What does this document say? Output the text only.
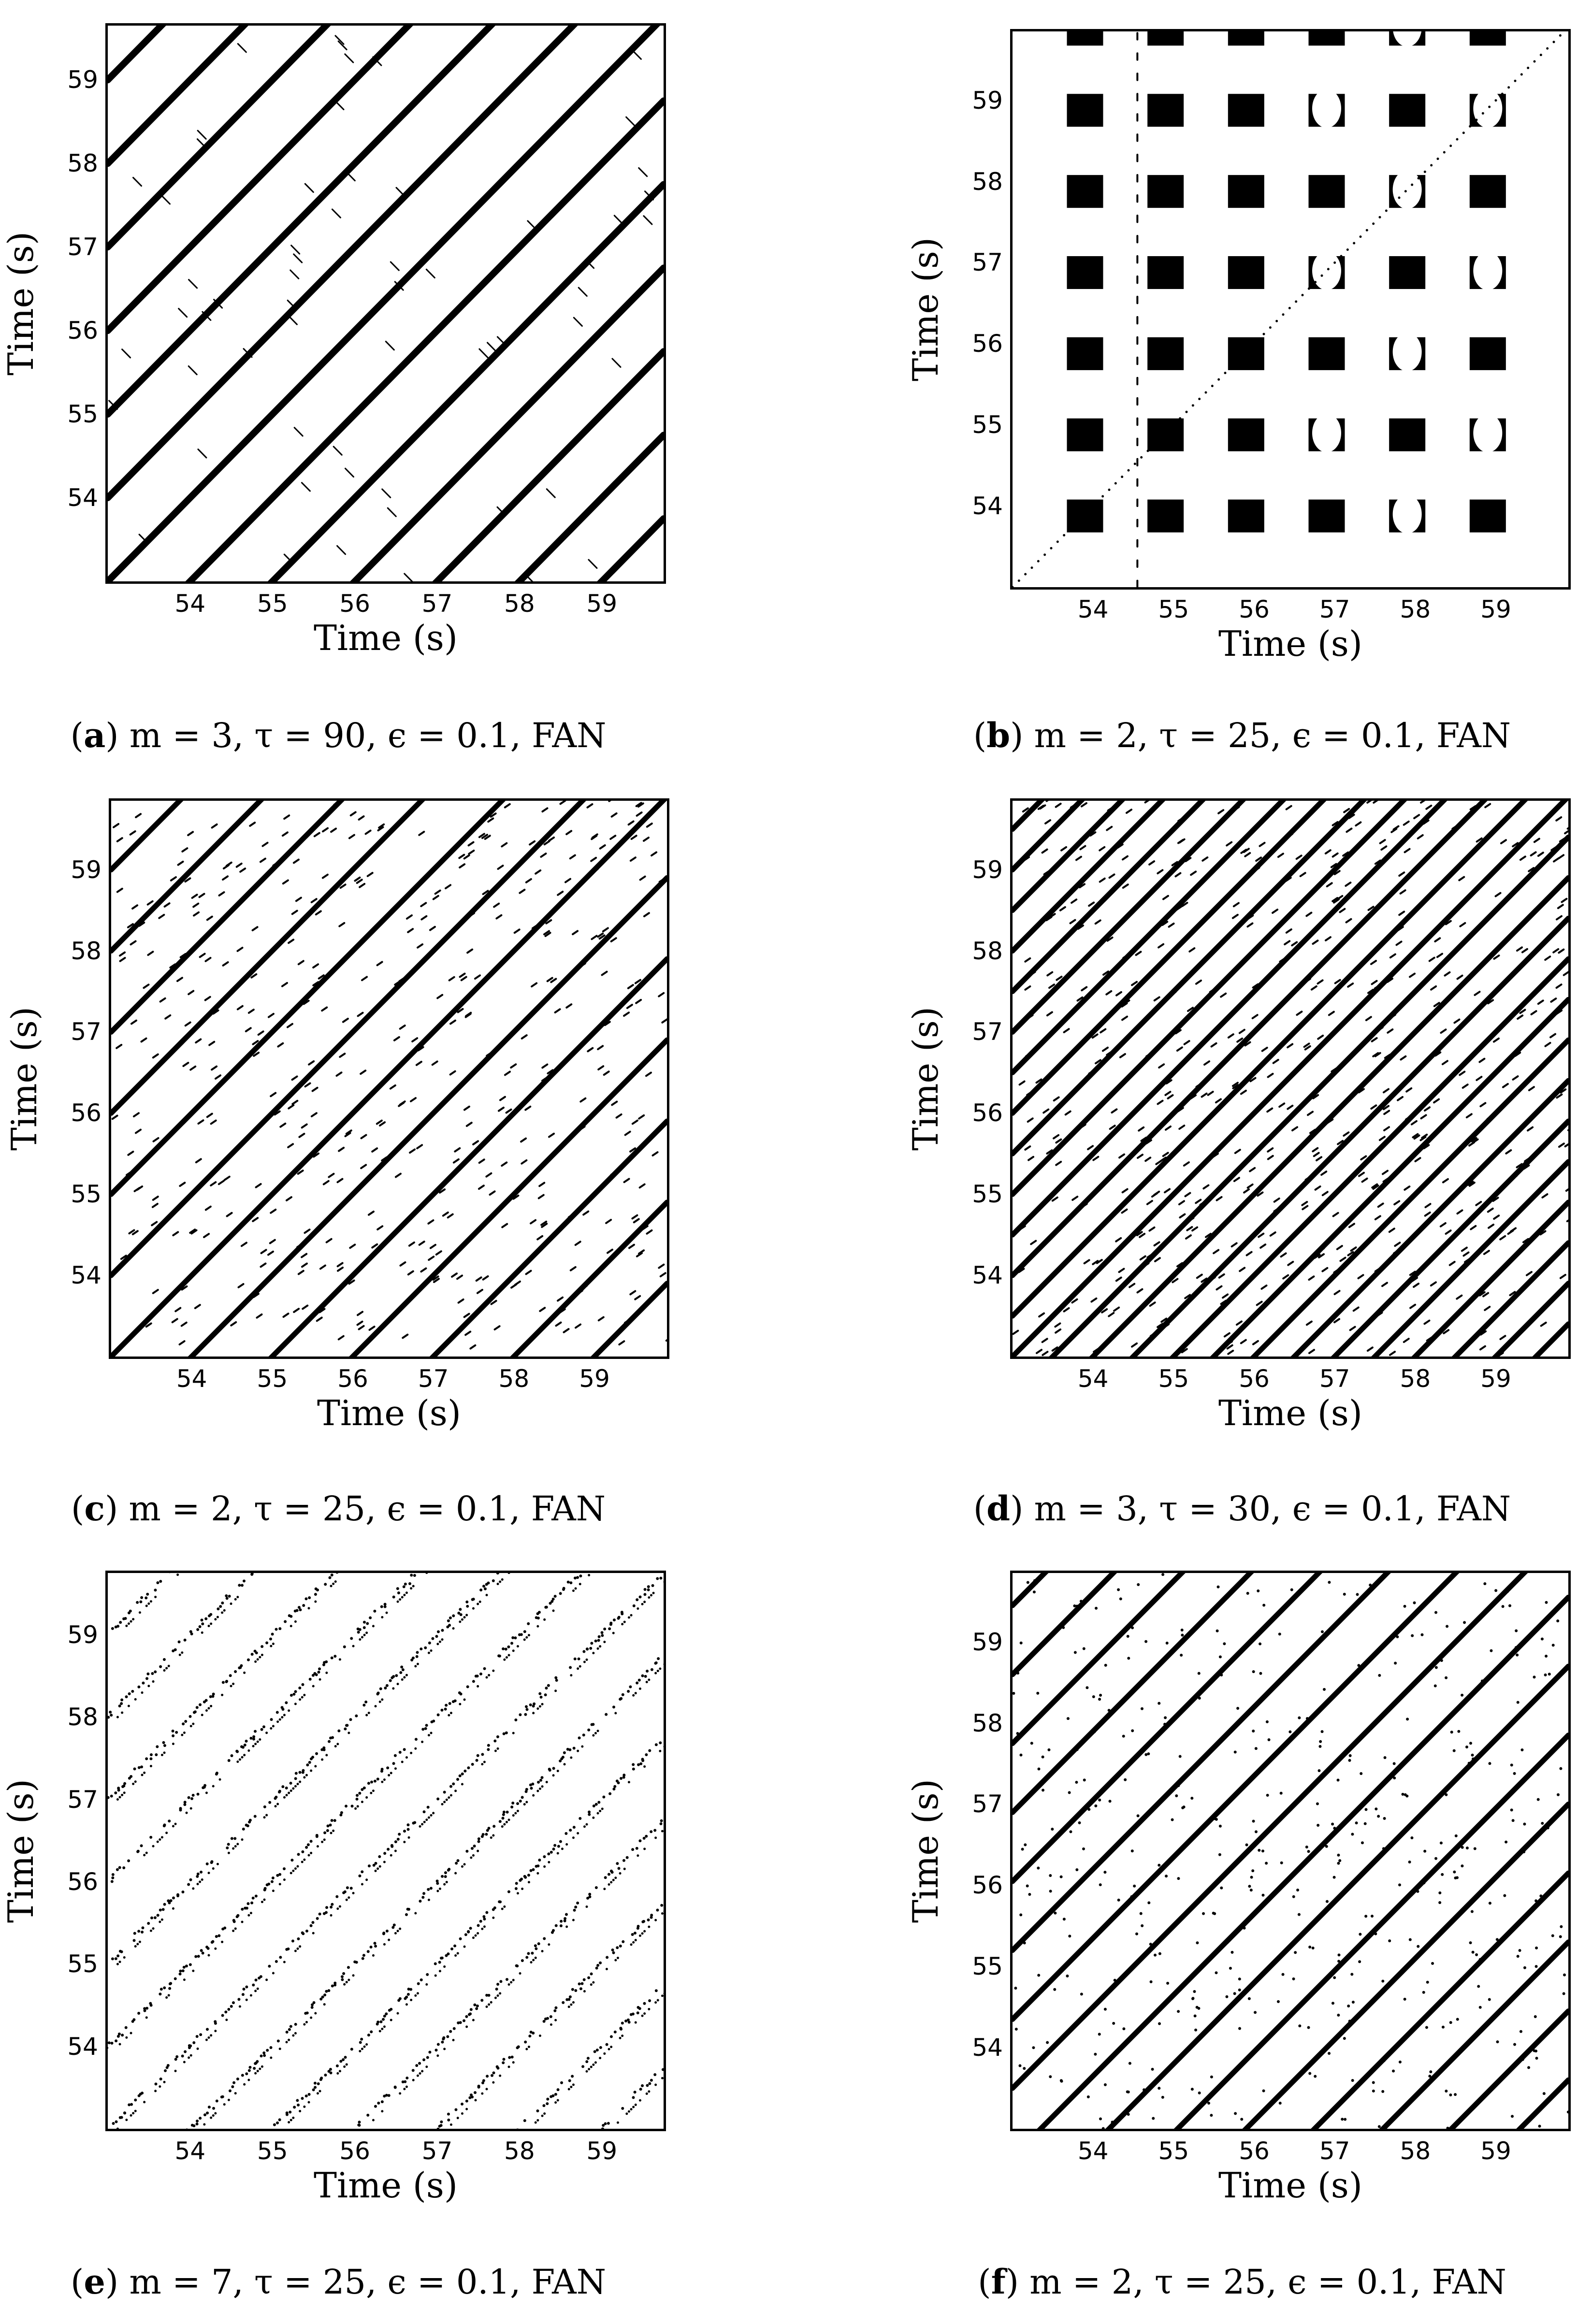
54
55
56
57
58
59
54 55 56 57 58 59
Time (s)
Time (s)
(a) m = 3, τ = 90, ϵ = 0.1, FAN
54
55
56
57
58
59
54 55 56 57 58 59
Time (s)
Time (s)
(b) m = 2, τ = 25, ϵ = 0.1, FAN
54
55
56
57
58
59
54 55 56 57 58 59
Time (s)
Time (s)
(c) m = 2, τ = 25, ϵ = 0.1, FAN
54
55
56
57
58
59
54 55 56 57 58 59
Time (s)
Time (s)
(d) m = 3, τ = 30, ϵ = 0.1, FAN
54
55
56
57
58
59
54 55 56 57 58 59
Time (s)
Time (s)
(e) m = 7, τ = 25, ϵ = 0.1, FAN
54
55
56
57
58
59
54 55 56 57 58 59
Time (s)
Time (s)
(f) m = 2, τ = 25, ϵ = 0.1, FAN
